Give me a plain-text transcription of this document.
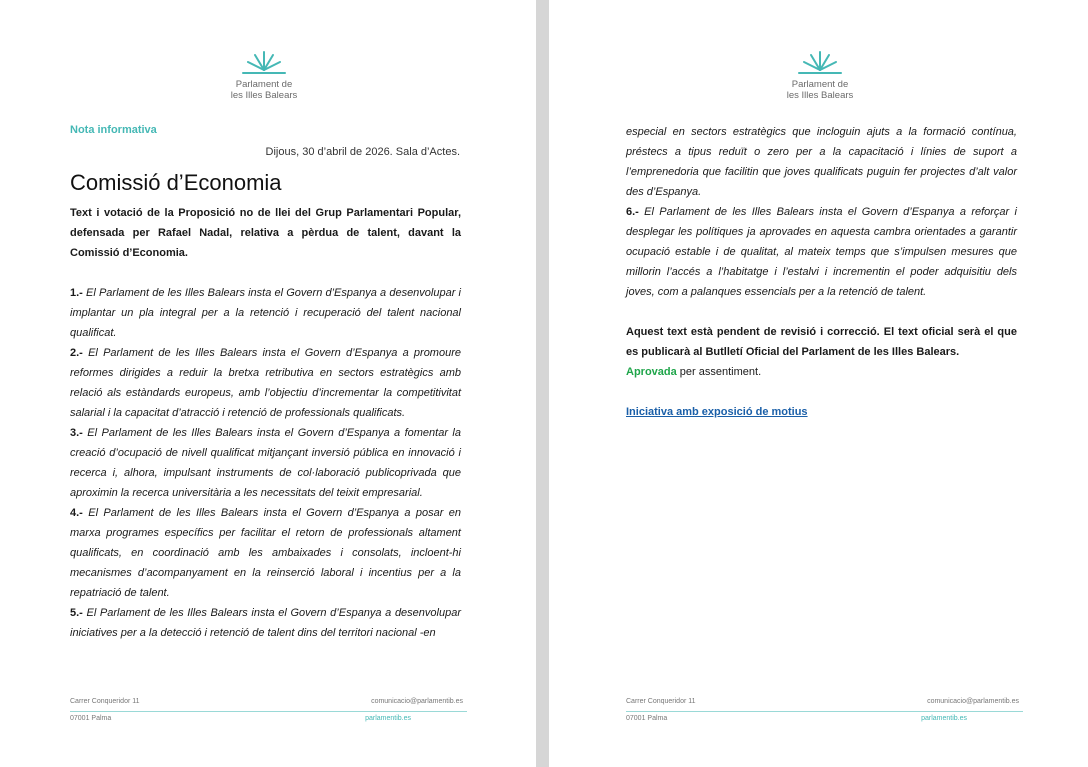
Parlament de
les Illes Balears
Nota informativa
Dijous, 30 d’abril de 2026. Sala d’Actes.
Comissió d’Economia
Text i votació de la Proposició no de llei del Grup Parlamentari Popular, defensada per Rafael Nadal, relativa a pèrdua de talent, davant la Comissió d’Economia.

1.- El Parlament de les Illes Balears insta el Govern d’Espanya a desenvolupar i implantar un pla integral per a la retenció i recuperació del talent nacional qualificat.

2.- El Parlament de les Illes Balears insta el Govern d’Espanya a promoure reformes dirigides a reduir la bretxa retributiva en sectors estratègics amb relació als estàndards europeus, amb l’objectiu d’incrementar la competitivitat salarial i la capacitat d’atracció i retenció de professionals qualificats.

3.- El Parlament de les Illes Balears insta el Govern d’Espanya a fomentar la creació d’ocupació de nivell qualificat mitjançant inversió pública en innovació i recerca i, alhora, impulsant instruments de col·laboració publicoprivada que aproximin la recerca universitària a les necessitats del teixit empresarial.

4.- El Parlament de les Illes Balears insta el Govern d’Espanya a posar en marxa programes específics per facilitar el retorn de professionals altament qualificats, en coordinació amb les ambaixades i consolats, incloent-hi mecanismes d’acompanyament en la reinserció laboral i incentius per a la repatriació de talent.

5.- El Parlament de les Illes Balears insta el Govern d’Espanya a desenvolupar iniciatives per a la detecció i retenció de talent dins del territori nacional -en

Carrer Conqueridor 11	comunicacio@parlamentib.es
07001 Palma	parlamentib.es
Parlament de
les Illes Balears

especial en sectors estratègics que incloguin ajuts a la formació contínua, préstecs a tipus reduït o zero per a la capacitació i línies de suport a l’emprenedoria que facilitin que joves qualificats puguin fer projectes d’alt valor des d’Espanya.

6.- El Parlament de les Illes Balears insta el Govern d’Espanya a reforçar i desplegar les polítiques ja aprovades en aquesta cambra orientades a garantir ocupació estable i de qualitat, al mateix temps que s’impulsen mesures que millorin l’accés a l’habitatge i l’estalvi i incrementin el poder adquisitiu dels joves, com a palanques essencials per a la retenció de talent.

Aquest text està pendent de revisió i correcció. El text oficial serà el que es publicarà al Butlletí Oficial del Parlament de les Illes Balears.

Aprovada per assentiment.

Iniciativa amb exposició de motius

Carrer Conqueridor 11	comunicacio@parlamentib.es
07001 Palma	parlamentib.es
